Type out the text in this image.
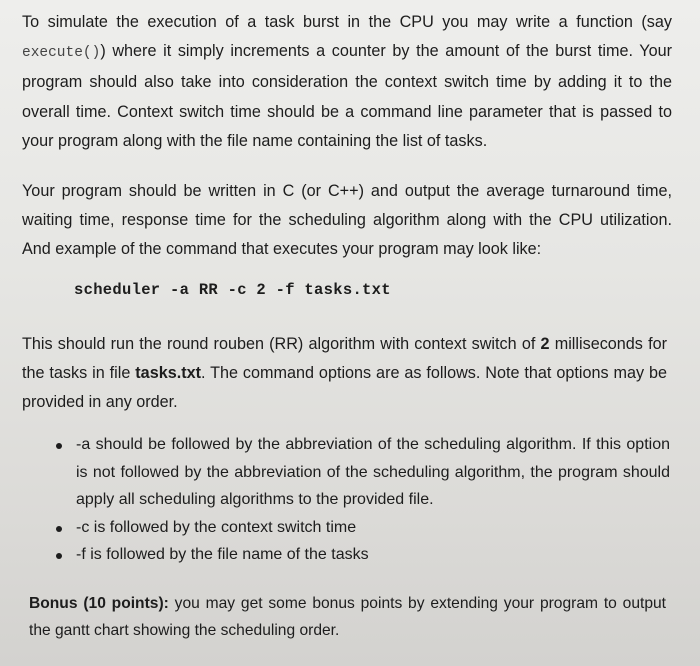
To simulate the execution of a task burst in the CPU you may write a function (say execute()) where it simply increments a counter by the amount of the burst time. Your program should also take into consideration the context switch time by adding it to the overall time. Context switch time should be a command line parameter that is passed to your program along with the file name containing the list of tasks.

Your program should be written in C (or C++) and output the average turnaround time, waiting time, response time for the scheduling algorithm along with the CPU utilization. And example of the command that executes your program may look like:

scheduler -a RR -c 2 -f tasks.txt

This should run the round rouben (RR) algorithm with context switch of 2 milliseconds for the tasks in file tasks.txt. The command options are as follows. Note that options may be provided in any order.

-a should be followed by the abbreviation of the scheduling algorithm. If this option is not followed by the abbreviation of the scheduling algorithm, the program should apply all scheduling algorithms to the provided file.
-c is followed by the context switch time
-f is followed by the file name of the tasks

Bonus (10 points): you may get some bonus points by extending your program to output the gantt chart showing the scheduling order.
